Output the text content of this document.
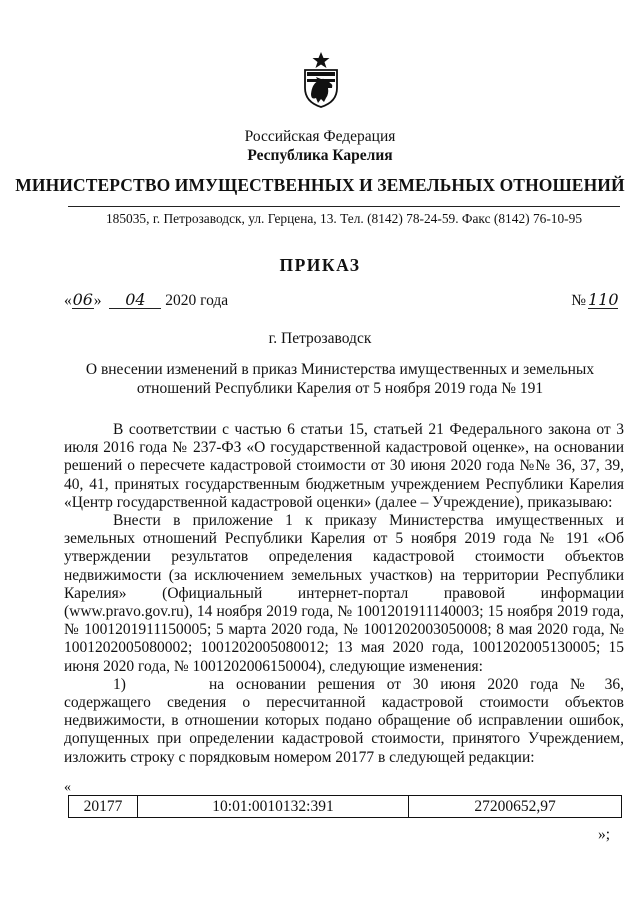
Российская Федерация
Республика Карелия
МИНИСТЕРСТВО ИМУЩЕСТВЕННЫХ И ЗЕМЕЛЬНЫХ ОТНОШЕНИЙ
185035, г. Петрозаводск, ул. Герцена, 13. Тел. (8142) 78-24-59. Факс (8142) 76-10-95
ПРИКАЗ
«06» 04 2020 года	№ 110
г. Петрозаводск
О внесении изменений в приказ Министерства имущественных и земельных отношений Республики Карелия от 5 ноября 2019 года № 191

В соответствии с частью 6 статьи 15, статьей 21 Федерального закона от 3 июля 2016 года № 237-ФЗ «О государственной кадастровой оценке», на основании решений о пересчете кадастровой стоимости от 30 июня 2020 года №№ 36, 37, 39, 40, 41, принятых государственным бюджетным учреждением Республики Карелия «Центр государственной кадастровой оценки» (далее – Учреждение), приказываю:

Внести в приложение 1 к приказу Министерства имущественных и земельных отношений Республики Карелия от 5 ноября 2019 года № 191 «Об утверждении результатов определения кадастровой стоимости объектов недвижимости (за исключением земельных участков) на территории Республики Карелия» (Официальный интернет-портал правовой информации (www.pravo.gov.ru), 14 ноября 2019 года, № 1001201911140003; 15 ноября 2019 года, № 1001201911150005; 5 марта 2020 года, № 1001202003050008; 8 мая 2020 года, № 1001202005080002; 1001202005080012; 13 мая 2020 года, 1001202005130005; 15 июня 2020 года, № 1001202006150004), следующие изменения:

1)	на основании решения от 30 июня 2020 года № 36, содержащего сведения о пересчитанной кадастровой стоимости объектов недвижимости, в отношении которых подано обращение об исправлении ошибок, допущенных при определении кадастровой стоимости, принятого Учреждением, изложить строку с порядковым номером 20177 в следующей редакции:

«
20177	10:01:0010132:391	27200652,97
»;
